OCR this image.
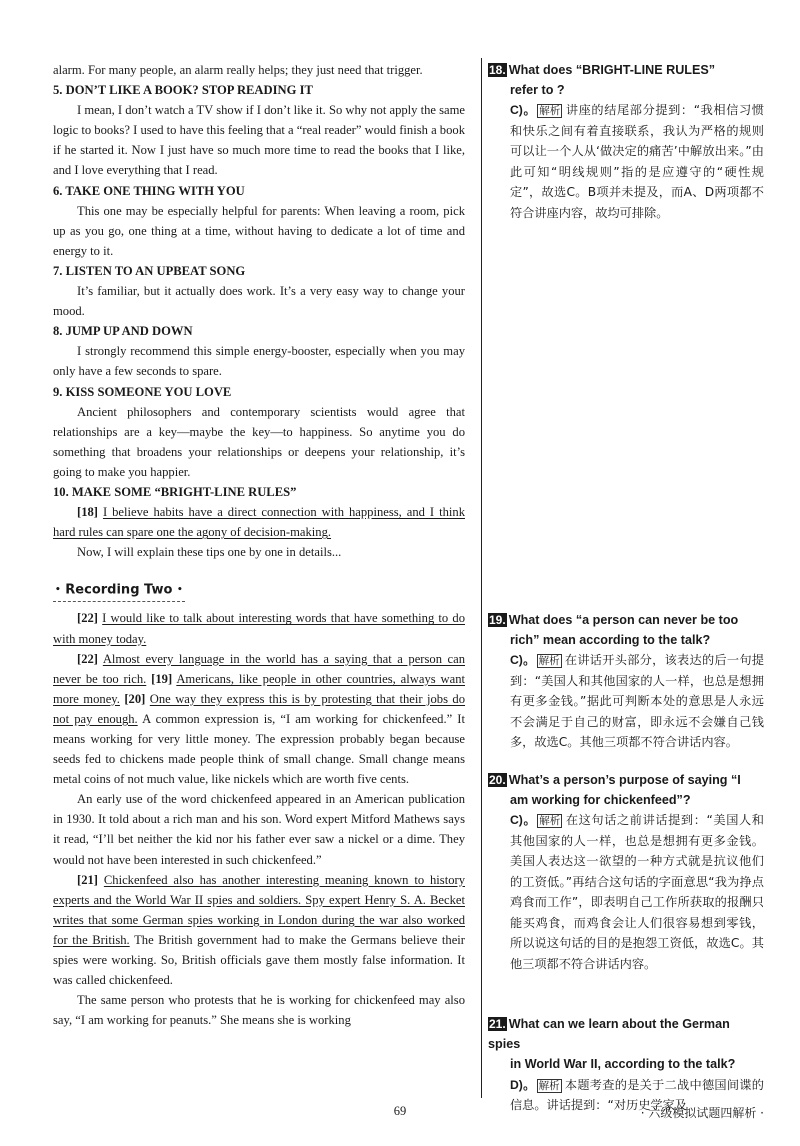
alarm. For many people, an alarm really helps; they just need that trigger.

5. DON’T LIKE A BOOK? STOP READING IT

I mean, I don’t watch a TV show if I don’t like it. So why not apply the same logic to books? I used to have this feeling that a “real reader” would finish a book if he started it. Now I just have so much more time to read the books that I like, and I love everything that I read.

6. TAKE ONE THING WITH YOU

This one may be especially helpful for parents: When leaving a room, pick up as you go, one thing at a time, without having to dedicate a lot of time and energy to it.

7. LISTEN TO AN UPBEAT SONG

It’s familiar, but it actually does work. It’s a very easy way to change your mood.

8. JUMP UP AND DOWN

I strongly recommend this simple energy-booster, especially when you may only have a few seconds to spare.

9. KISS SOMEONE YOU LOVE

Ancient philosophers and contemporary scientists would agree that relationships are a key—maybe the key—to happiness. So anytime you do something that broadens your relationships or deepens your relationship, it’s going to make you happier.

10. MAKE SOME “BRIGHT-LINE RULES”

[18] I believe habits have a direct connection with happiness, and I think hard rules can spare one the agony of decision-making.

Now, I will explain these tips one by one in details...

• Recording Two •

[22] I would like to talk about interesting words that have something to do with money today.

[22] Almost every language in the world has a saying that a person can never be too rich. [19] Americans, like people in other countries, always want more money. [20] One way they express this is by protesting that their jobs do not pay enough. A common expression is, “I am working for chickenfeed.” It means working for very little money. The expression probably began because seeds fed to chickens made people think of small change. Small change means metal coins of not much value, like nickels which are worth five cents.

An early use of the word chickenfeed appeared in an American publication in 1930. It told about a rich man and his son. Word expert Mitford Mathews says it read, “I’ll bet neither the kid nor his father ever saw a nickel or a dime. They would not have been interested in such chickenfeed.”

[21] Chickenfeed also has another interesting meaning known to history experts and the World War II spies and soldiers. Spy expert Henry S. A. Becket writes that some German spies working in London during the war also worked for the British. The British government had to make the Germans believe their spies were working. So, British officials gave them mostly false information. It was called chickenfeed.

The same person who protests that he is working for chickenfeed may also say, “I am working for peanuts.” She means she is working

18. What does “BRIGHT-LINE RULES”

refer to ?

C)。 解析 讲座的结尾部分提到：“我相信习惯和快乐之间有着直接联系，我认为严格的规则可以让一个人从‘做决定的痛苦’中解放出来。”由此可知“明线规则”指的是应遵守的“硬性规定”，故选C。B项并未提及，而A、D两项都不符合讲座内容，故均可排除。

19. What does “a person can never be too

rich” mean according to the talk?

C)。 解析 在讲话开头部分，该表达的后一句提到：“美国人和其他国家的人一样，也总是想拥有更多金钱。”据此可判断本处的意思是人永远不会满足于自己的财富，即永远不会嫌自己钱多，故选C。其他三项都不符合讲话内容。

20. What’s a person’s purpose of saying “I

am working for chickenfeed”?

C)。 解析 在这句话之前讲话提到：“美国人和其他国家的人一样，也总是想拥有更多金钱。美国人表达这一欲望的一种方式就是抗议他们的工资低。”再结合这句话的字面意思“我为挣点鸡食而工作”，即表明自己工作所获取的报酬只能买鸡食，而鸡食会让人们很容易想到零钱，所以说这句话的目的是抱怨工资低，故选C。其他三项都不符合讲话内容。

21. What can we learn about the German spies

in World War II, according to the talk?

D)。 解析 本题考查的是关于二战中德国间谍的信息。讲话提到：“对历史学家及

69	· 六级模拟试题四解析 ·
